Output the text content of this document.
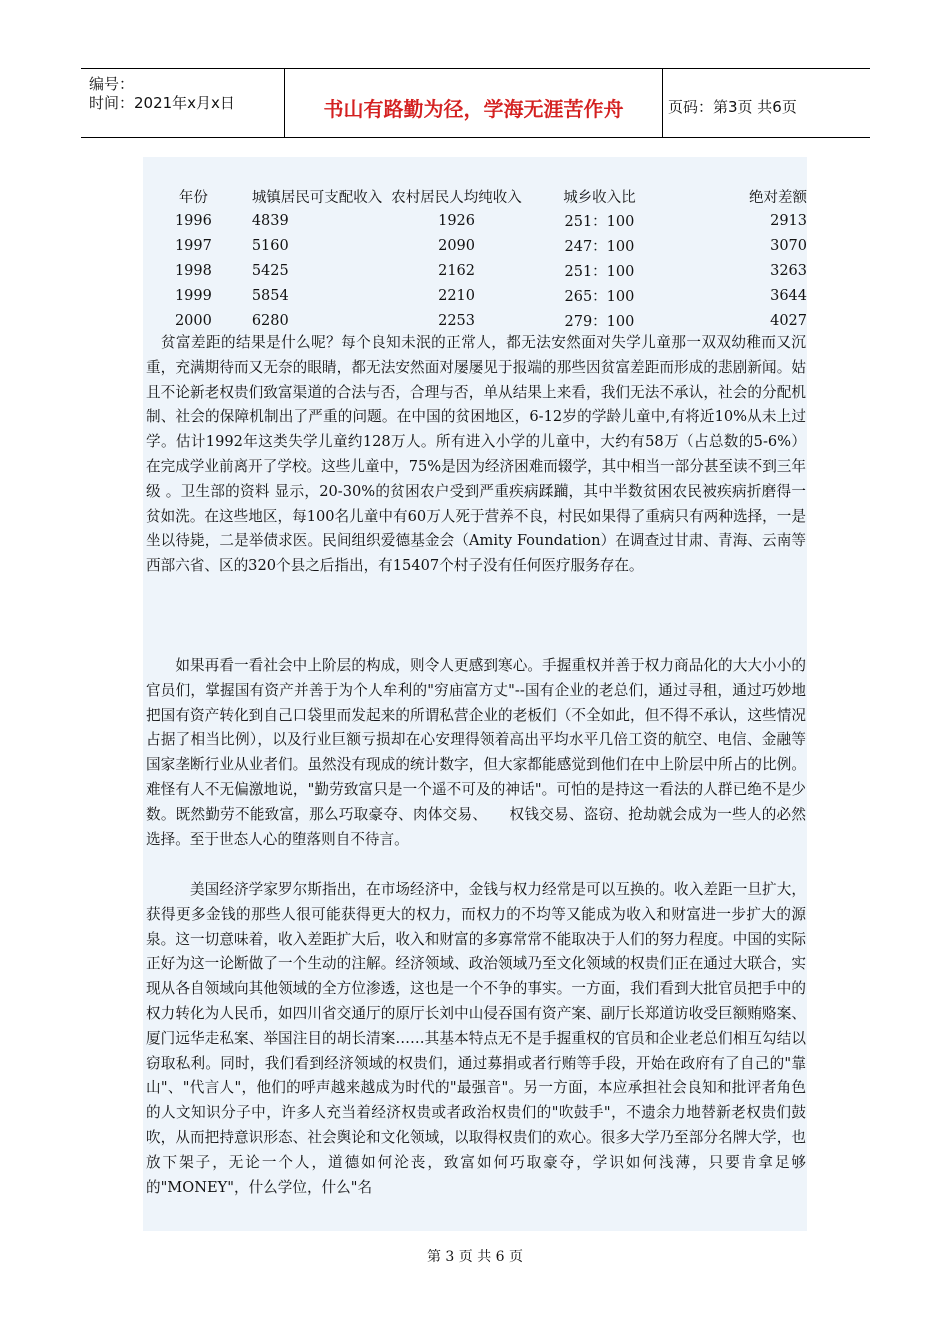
编号：
时间：2021年x月x日	书山有路勤为径，学海无涯苦作舟	页码：第3页 共6页
年份	城镇居民可支配收入	农村居民人均纯收入	城乡收入比	绝对差额
1996	4839	1926	251：100	2913
1997	5160	2090	247：100	3070
1998	5425	2162	251：100	3263
1999	5854	2210	265：100	3644
2000	6280	2253	279：100	4027

　贫富差距的结果是什么呢？每个良知未泯的正常人，都无法安然面对失学儿童那一双双幼稚而又沉重，充满期待而又无奈的眼睛，都无法安然面对屡屡见于报端的那些因贫富差距而形成的悲剧新闻。姑且不论新老权贵们致富渠道的合法与否，合理与否，单从结果上来看，我们无法不承认，社会的分配机制、社会的保障机制出了严重的问题。在中国的贫困地区，6-12岁的学龄儿童中,有将近10%从未上过学。估计1992年这类失学儿童约128万人。所有进入小学的儿童中，大约有58万（占总数的5-6%）在完成学业前离开了学校。这些儿童中，75%是因为经济困难而辍学，其中相当一部分甚至读不到三年级 。卫生部的资料 显示，20-30%的贫困农户受到严重疾病蹂躏，其中半数贫困农民被疾病折磨得一贫如洗。在这些地区，每100名儿童中有60万人死于营养不良，村民如果得了重病只有两种选择，一是坐以待毙，二是举债求医。民间组织爱德基金会（Amity Foundation）在调查过甘肃、青海、云南等西部六省、区的320个县之后指出，有15407个村子没有任何医疗服务存在。

　　如果再看一看社会中上阶层的构成，则令人更感到寒心。手握重权并善于权力商品化的大大小小的官员们，掌握国有资产并善于为个人牟利的"穷庙富方丈"--国有企业的老总们，通过寻租，通过巧妙地把国有资产转化到自己口袋里而发起来的所谓私营企业的老板们（不全如此，但不得不承认，这些情况占据了相当比例），以及行业巨额亏损却在心安理得领着高出平均水平几倍工资的航空、电信、金融等国家垄断行业从业者们。虽然没有现成的统计数字，但大家都能感觉到他们在中上阶层中所占的比例。难怪有人不无偏激地说，"勤劳致富只是一个遥不可及的神话"。可怕的是持这一看法的人群已绝不是少数。既然勤劳不能致富，那么巧取豪夺、肉体交易、　　权钱交易、盗窃、抢劫就会成为一些人的必然选择。至于世态人心的堕落则自不待言。

　　　美国经济学家罗尔斯指出，在市场经济中，金钱与权力经常是可以互换的。收入差距一旦扩大，获得更多金钱的那些人很可能获得更大的权力，而权力的不均等又能成为收入和财富进一步扩大的源泉。这一切意味着，收入差距扩大后，收入和财富的多寡常常不能取决于人们的努力程度。中国的实际正好为这一论断做了一个生动的注解。经济领域、政治领域乃至文化领域的权贵们正在通过大联合，实现从各自领域向其他领域的全方位渗透，这也是一个不争的事实。一方面，我们看到大批官员把手中的权力转化为人民币，如四川省交通厅的原厅长刘中山侵吞国有资产案、副厅长郑道访收受巨额贿赂案、厦门远华走私案、举国注目的胡长清案……其基本特点无不是手握重权的官员和企业老总们相互勾结以窃取私利。同时，我们看到经济领域的权贵们，通过募捐或者行贿等手段，开始在政府有了自己的"靠山"、"代言人"，他们的呼声越来越成为时代的"最强音"。另一方面，本应承担社会良知和批评者角色的人文知识分子中，许多人充当着经济权贵或者政治权贵们的"吹鼓手"，不遗余力地替新老权贵们鼓吹，从而把持意识形态、社会舆论和文化领域，以取得权贵们的欢心。很多大学乃至部分名牌大学，也放下架子，无论一个人，道德如何沦丧，致富如何巧取豪夺，学识如何浅薄，只要肯拿足够的"MONEY"，什么学位，什么"名

第 3 页 共 6 页
